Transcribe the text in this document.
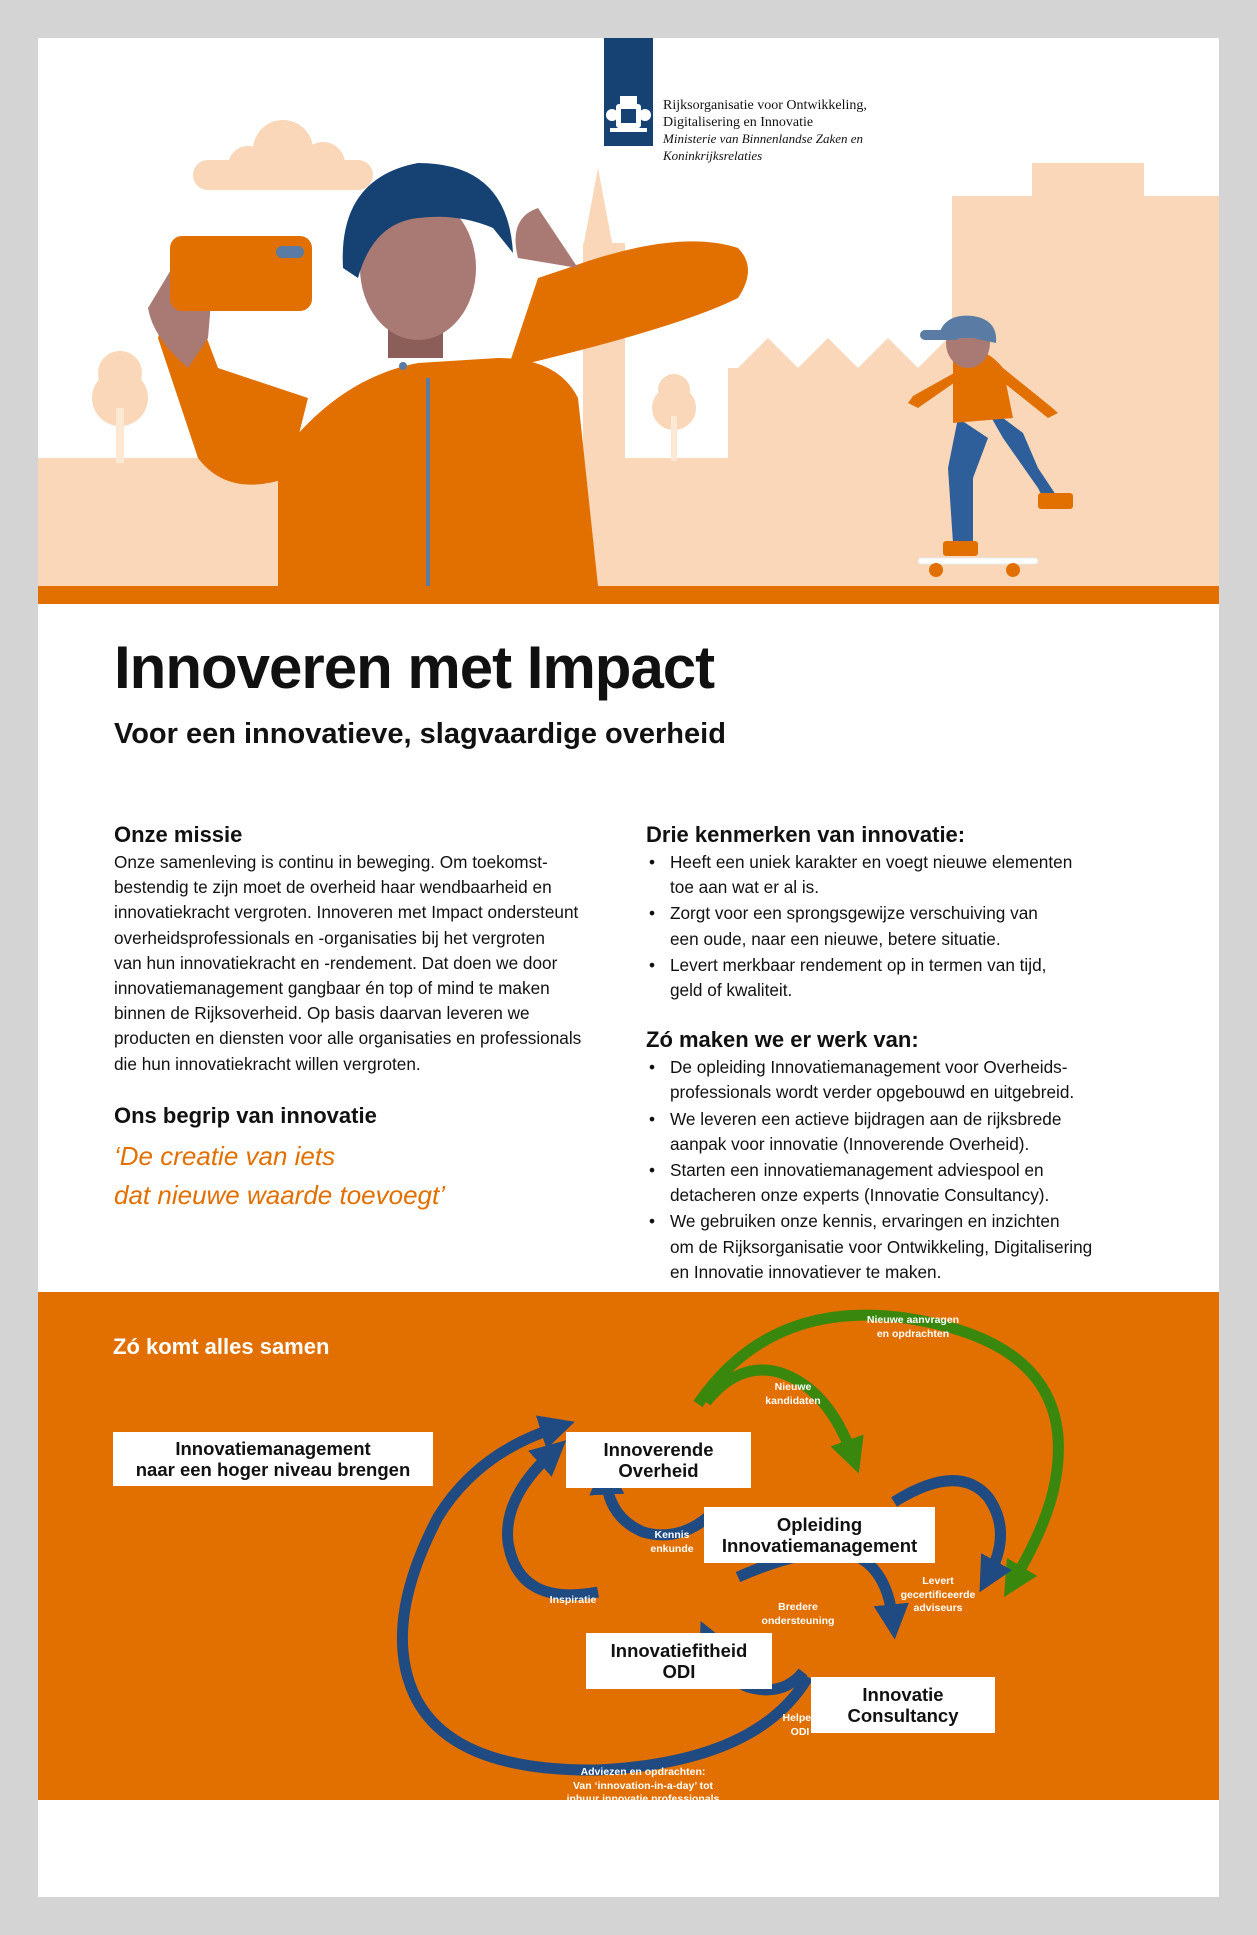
Rijksorganisatie voor Ontwikkeling,
Digitalisering en Innovatie
Ministerie van Binnenlandse Zaken en
Koninkrijksrelaties
Innoveren met Impact
Voor een innovatieve, slagvaardige overheid
Onze missie

Onze samenleving is continu in beweging. Om toekomst-
bestendig te zijn moet de overheid haar wendbaarheid en
innovatiekracht vergroten. Innoveren met Impact ondersteunt
overheidsprofessionals en -organisaties bij het vergroten
van hun innovatiekracht en -rendement. Dat doen we door
innovatiemanagement gangbaar én top of mind te maken
binnen de Rijksoverheid. Op basis daarvan leveren we
producten en diensten voor alle organisaties en professionals
die hun innovatiekracht willen vergroten.

Ons begrip van innovatie

‘De creatie van iets
dat nieuwe waarde toevoegt’

Drie kenmerken van innovatie:
• Heeft een uniek karakter en voegt nieuwe elementen
toe aan wat er al is.
• Zorgt voor een sprongsgewijze verschuiving van
een oude, naar een nieuwe, betere situatie.
• Levert merkbaar rendement op in termen van tijd,
geld of kwaliteit.
Zó maken we er werk van:
• De opleiding Innovatiemanagement voor Overheids-
professionals wordt verder opgebouwd en uitgebreid.
• We leveren een actieve bijdragen aan de rijksbrede
aanpak voor innovatie (Innoverende Overheid).
• Starten een innovatiemanagement adviespool en
detacheren onze experts (Innovatie Consultancy).
• We gebruiken onze kennis, ervaringen en inzichten
om de Rijksorganisatie voor Ontwikkeling, Digitalisering
en Innovatie innovatiever te maken.
Zó komt alles samen
Innovatiemanagement
naar een hoger niveau brengen
Innoverende
Overheid
Opleiding
Innovatiemanagement
Innovatiefitheid
ODI
Innovatie
Consultancy
Nieuwe aanvragen
en opdrachten
Nieuwe
kandidaten
Kennis
enkunde
Levert
gecertificeerde
adviseurs
Inspiratie
Bredere
ondersteuning
Helpen
ODI
Adviezen en opdrachten:
Van ‘innovation-in-a-day’ tot
inhuur innovatie professionals
